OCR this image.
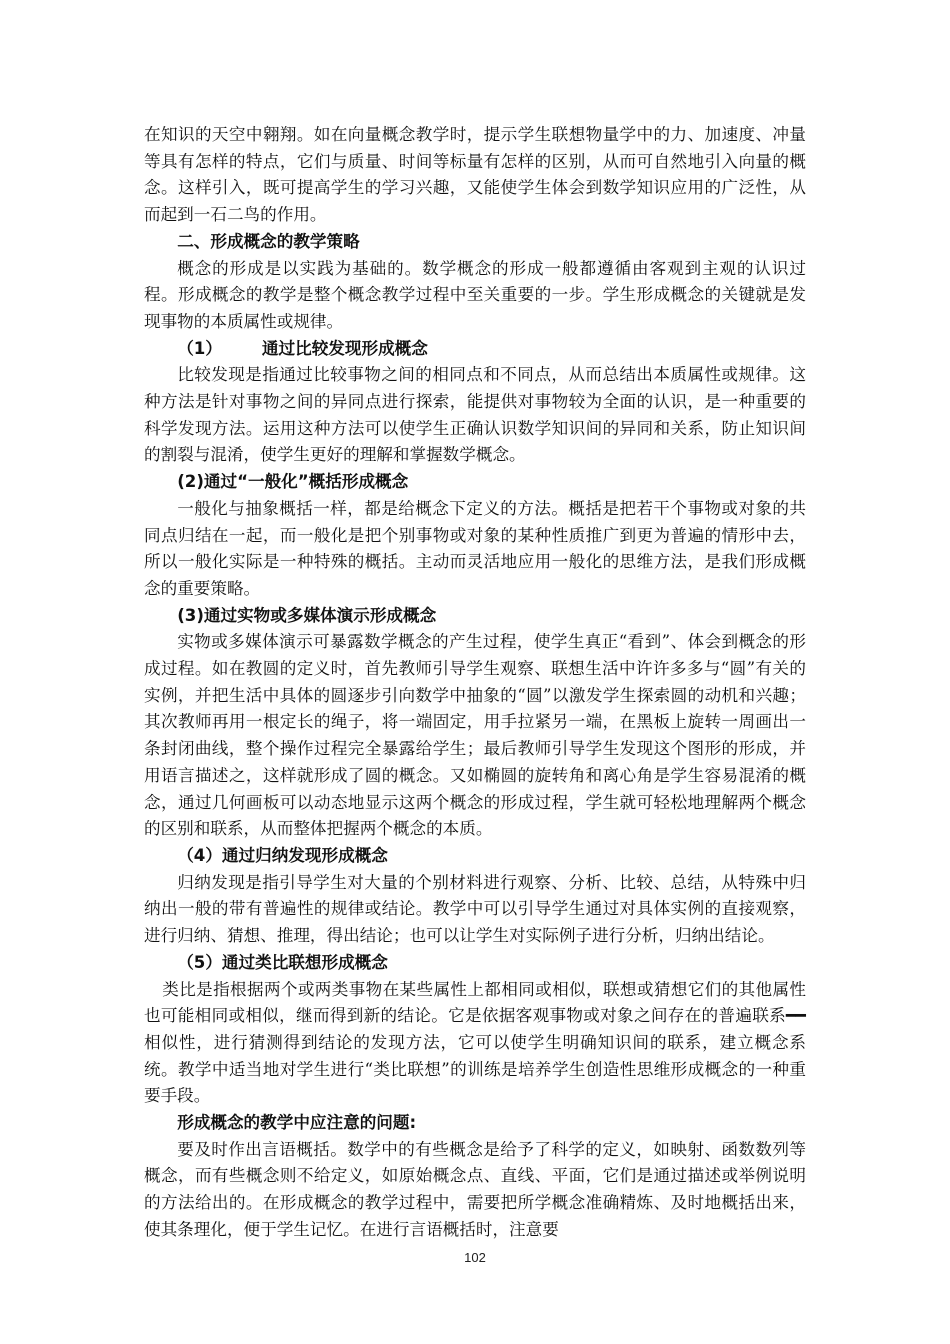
在知识的天空中翱翔。如在向量概念教学时，提示学生联想物量学中的力、加速度、冲量等具有怎样的特点，它们与质量、时间等标量有怎样的区别，从而可自然地引入向量的概念。这样引入，既可提高学生的学习兴趣，又能使学生体会到数学知识应用的广泛性，从而起到一石二鸟的作用。

二、形成概念的教学策略

概念的形成是以实践为基础的。数学概念的形成一般都遵循由客观到主观的认识过程。形成概念的教学是整个概念教学过程中至关重要的一步。学生形成概念的关键就是发现事物的本质属性或规律。

（1） 通过比较发现形成概念

比较发现是指通过比较事物之间的相同点和不同点，从而总结出本质属性或规律。这种方法是针对事物之间的异同点进行探索，能提供对事物较为全面的认识，是一种重要的科学发现方法。运用这种方法可以使学生正确认识数学知识间的异同和关系，防止知识间的割裂与混淆，使学生更好的理解和掌握数学概念。

(2)通过“一般化”概括形成概念

一般化与抽象概括一样，都是给概念下定义的方法。概括是把若干个事物或对象的共同点归结在一起，而一般化是把个别事物或对象的某种性质推广到更为普遍的情形中去，所以一般化实际是一种特殊的概括。主动而灵活地应用一般化的思维方法，是我们形成概念的重要策略。

(3)通过实物或多媒体演示形成概念

实物或多媒体演示可暴露数学概念的产生过程，使学生真正“看到”、体会到概念的形成过程。如在教圆的定义时，首先教师引导学生观察、联想生活中许许多多与“圆”有关的实例，并把生活中具体的圆逐步引向数学中抽象的“圆”以激发学生探索圆的动机和兴趣；其次教师再用一根定长的绳子，将一端固定，用手拉紧另一端，在黑板上旋转一周画出一条封闭曲线，整个操作过程完全暴露给学生；最后教师引导学生发现这个图形的形成，并用语言描述之，这样就形成了圆的概念。又如椭圆的旋转角和离心角是学生容易混淆的概念，通过几何画板可以动态地显示这两个概念的形成过程，学生就可轻松地理解两个概念的区别和联系，从而整体把握两个概念的本质。

（4）通过归纳发现形成概念

归纳发现是指引导学生对大量的个别材料进行观察、分析、比较、总结，从特殊中归纳出一般的带有普遍性的规律或结论。教学中可以引导学生通过对具体实例的直接观察，进行归纳、猜想、推理，得出结论；也可以让学生对实际例子进行分析，归纳出结论。

（5）通过类比联想形成概念

类比是指根据两个或两类事物在某些属性上都相同或相似，联想或猜想它们的其他属性也可能相同或相似，继而得到新的结论。它是依据客观事物或对象之间存在的普遍联系━━相似性，进行猜测得到结论的发现方法，它可以使学生明确知识间的联系，建立概念系统。教学中适当地对学生进行“类比联想”的训练是培养学生创造性思维形成概念的一种重要手段。

形成概念的教学中应注意的问题:

要及时作出言语概括。数学中的有些概念是给予了科学的定义，如映射、函数数列等概念，而有些概念则不给定义，如原始概念点、直线、平面，它们是通过描述或举例说明的方法给出的。在形成概念的教学过程中，需要把所学概念准确精炼、及时地概括出来，使其条理化，便于学生记忆。在进行言语概括时，注意要

102
